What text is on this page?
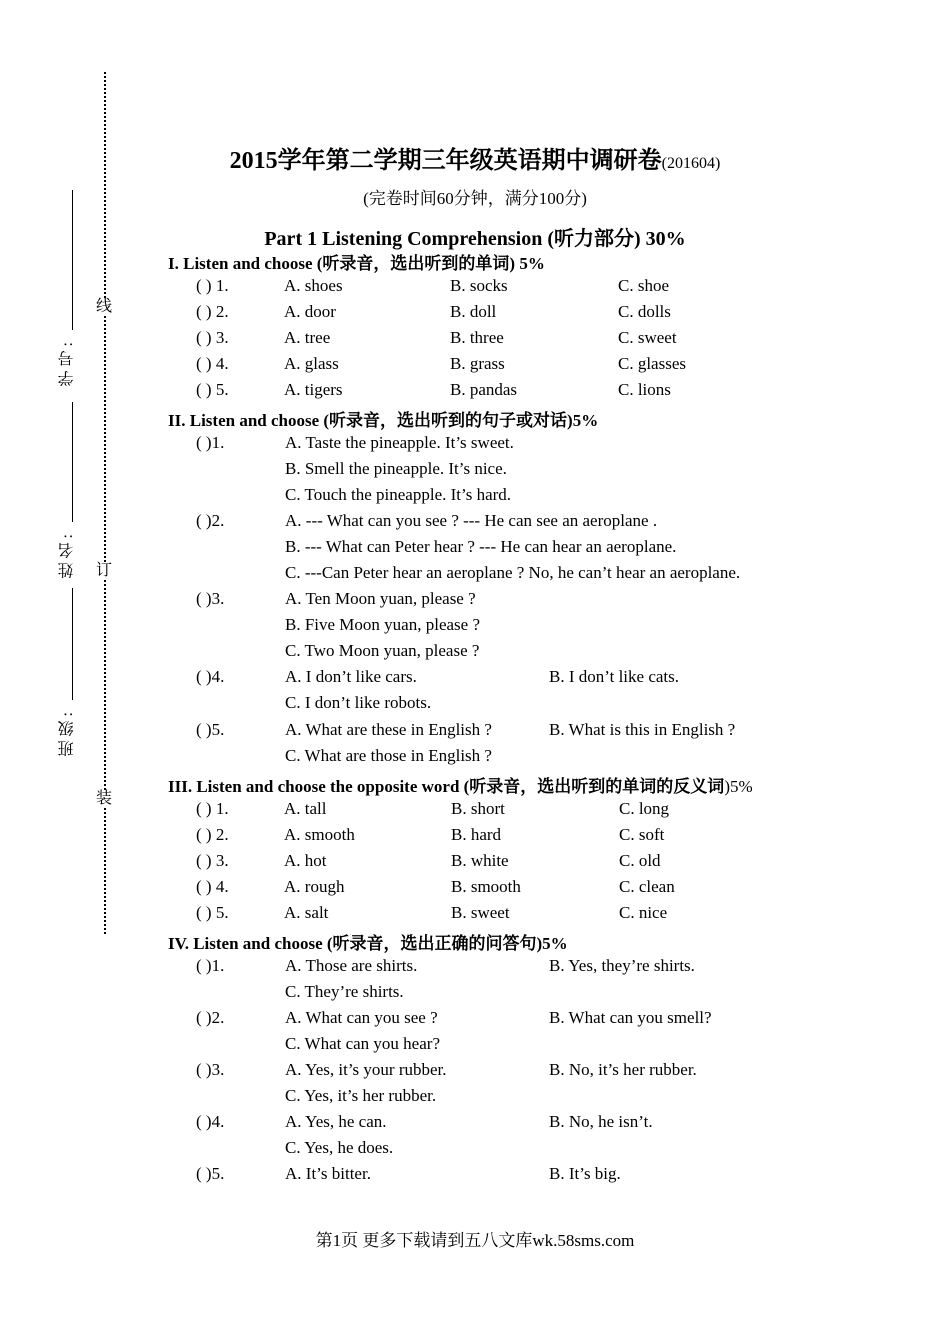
线
订
装
学号:
姓名:
班级:
2015学年第二学期三年级英语期中调研卷(201604)
(完卷时间60分钟，满分100分)
Part 1 Listening Comprehension (听力部分) 30%
I. Listen and choose (听录音，选出听到的单词) 5%
( ) 1.	A. shoes	B. socks	C. shoe
( ) 2.	A. door	B. doll	C. dolls
( ) 3.	A. tree	B. three	C. sweet
( ) 4.	A. glass	B. grass	C. glasses
( ) 5.	A. tigers	B. pandas	C. lions
II. Listen and choose (听录音，选出听到的句子或对话)5%
( )1.	A. Taste the pineapple. It’s sweet.
B. Smell the pineapple. It’s nice.
C. Touch the pineapple. It’s hard.
( )2.	A. --- What can you see ? --- He can see an aeroplane .
B. --- What can Peter hear ? --- He can hear an aeroplane.
C. ---Can Peter hear an aeroplane ? No, he can’t hear an aeroplane.
( )3.	A. Ten Moon yuan, please ?
B. Five Moon yuan, please ?
C. Two Moon yuan, please ?
( )4.	A. I don’t like cars.	B. I don’t like cats.
C. I don’t like robots.
( )5.	A. What are these in English ?	B. What is this in English ?
C. What are those in English ?
III. Listen and choose the opposite word (听录音，选出听到的单词的反义词)5%
( ) 1.	A. tall	B. short	C. long
( ) 2.	A. smooth	B. hard	C. soft
( ) 3.	A. hot	B. white	C. old
( ) 4.	A. rough	B. smooth	C. clean
( ) 5.	A. salt	B. sweet	C. nice
IV. Listen and choose (听录音，选出正确的问答句)5%
( )1.	A. Those are shirts.	B. Yes, they’re shirts.
C. They’re shirts.
( )2.	A. What can you see ?	B. What can you smell?
C. What can you hear?
( )3.	A. Yes, it’s your rubber.	B. No, it’s her rubber.
C. Yes, it’s her rubber.
( )4.	A. Yes, he can.	B. No, he isn’t.
C. Yes, he does.
( )5.	A. It’s bitter.	B. It’s big.
第1页 更多下载请到五八文库wk.58sms.com
